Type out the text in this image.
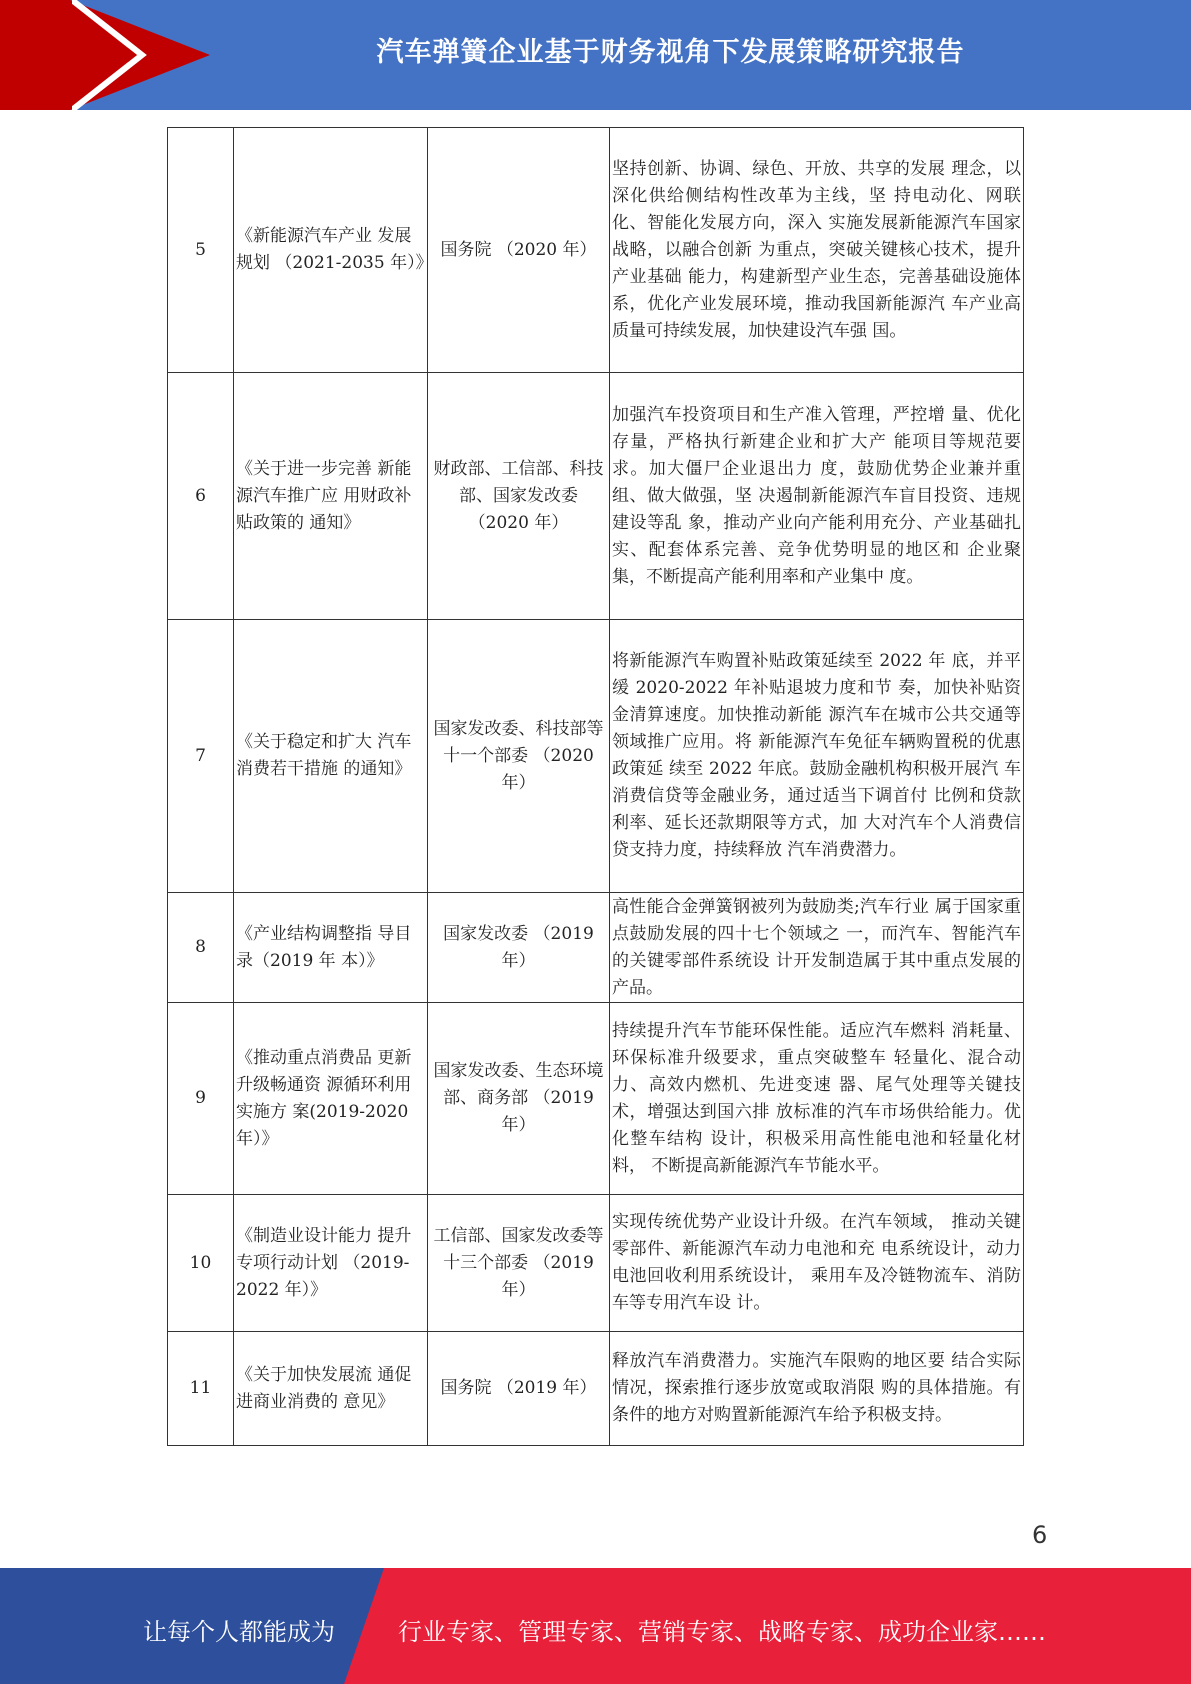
汽车弹簧企业基于财务视角下发展策略研究报告
5	《新能源汽车产业 发展规划 （2021-2035 年）》	国务院 （2020 年）	坚持创新、协调、绿色、开放、共享的发展 理念，以深化供给侧结构性改革为主线，坚 持电动化、网联化、智能化发展方向，深入 实施发展新能源汽车国家战略，以融合创新 为重点，突破关键核心技术，提升产业基础 能力，构建新型产业生态，完善基础设施体 系，优化产业发展环境，推动我国新能源汽 车产业高质量可持续发展，加快建设汽车强 国。
6	《关于进一步完善 新能源汽车推广应 用财政补贴政策的 通知》	财政部、工信部、科技部、国家发改委 （2020 年）	加强汽车投资项目和生产准入管理，严控增 量、优化存量，严格执行新建企业和扩大产 能项目等规范要求。加大僵尸企业退出力 度，鼓励优势企业兼并重组、做大做强，坚 决遏制新能源汽车盲目投资、违规建设等乱 象，推动产业向产能利用充分、产业基础扎 实、配套体系完善、竞争优势明显的地区和 企业聚集，不断提高产能利用率和产业集中 度。
7	《关于稳定和扩大 汽车消费若干措施 的通知》	国家发改委、科技部等十一个部委 （2020 年）	将新能源汽车购置补贴政策延续至 2022 年 底，并平缓 2020-2022 年补贴退坡力度和节 奏，加快补贴资金清算速度。加快推动新能 源汽车在城市公共交通等领域推广应用。将 新能源汽车免征车辆购置税的优惠政策延 续至 2022 年底。鼓励金融机构积极开展汽 车消费信贷等金融业务，通过适当下调首付 比例和贷款利率、延长还款期限等方式，加 大对汽车个人消费信贷支持力度，持续释放 汽车消费潜力。
8	《产业结构调整指 导目录（2019 年 本）》	国家发改委 （2019 年）	高性能合金弹簧钢被列为鼓励类;汽车行业 属于国家重点鼓励发展的四十七个领域之 一，而汽车、智能汽车的关键零部件系统设 计开发制造属于其中重点发展的产品。
9	《推动重点消费品 更新升级畅通资 源循环利用实施方 案(2019-2020 年）》	国家发改委、生态环境部、商务部 （2019 年）	持续提升汽车节能环保性能。适应汽车燃料 消耗量、环保标准升级要求，重点突破整车 轻量化、混合动力、高效内燃机、先进变速 器、尾气处理等关键技术，增强达到国六排 放标准的汽车市场供给能力。优化整车结构 设计，积极采用高性能电池和轻量化材料， 不断提高新能源汽车节能水平。
10	《制造业设计能力 提升专项行动计划 （2019-2022 年）》	工信部、国家发改委等十三个部委 （2019 年）	实现传统优势产业设计升级。在汽车领域， 推动关键零部件、新能源汽车动力电池和充 电系统设计，动力电池回收利用系统设计， 乘用车及冷链物流车、消防车等专用汽车设 计。
11	《关于加快发展流 通促进商业消费的 意见》	国务院 （2019 年）	释放汽车消费潜力。实施汽车限购的地区要 结合实际情况，探索推行逐步放宽或取消限 购的具体措施。有条件的地方对购置新能源汽车给予积极支持。
6
让每个人都能成为	行业专家、管理专家、营销专家、战略专家、成功企业家……
